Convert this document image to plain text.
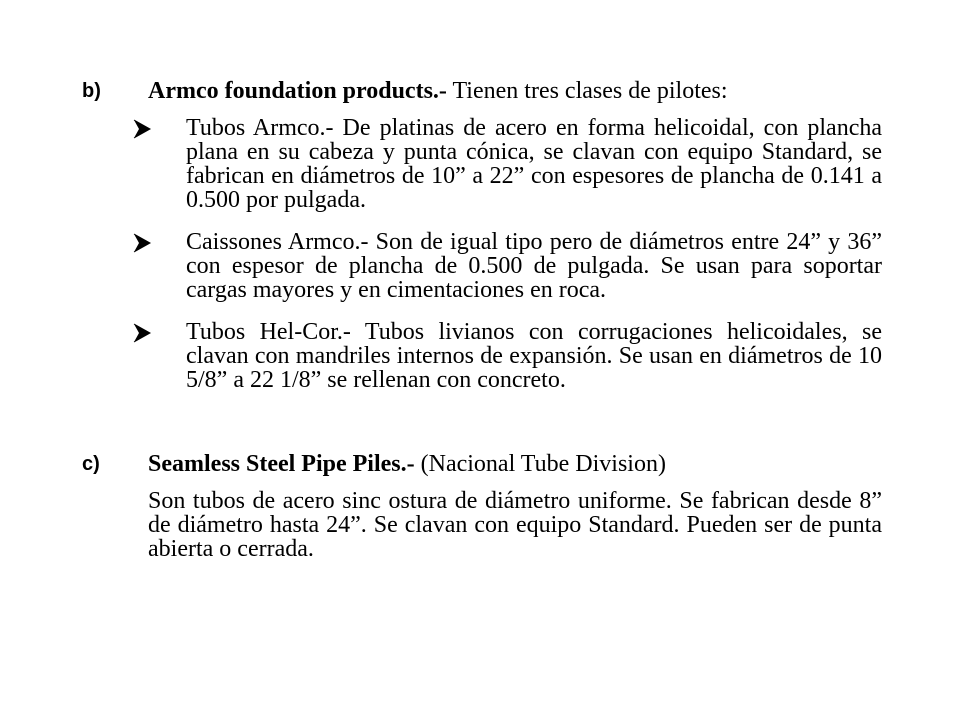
b)	Armco foundation products.- Tienen tres clases de pilotes:
Tubos Armco.- De platinas de acero en forma helicoidal, con plancha plana en su cabeza y punta cónica, se clavan con equipo Standard, se fabrican en diámetros de 10” a 22” con espesores de plancha de 0.141 a 0.500 por pulgada.
Caissones Armco.- Son de igual tipo pero de diámetros entre 24” y 36” con espesor de plancha de 0.500 de pulgada. Se usan para soportar cargas mayores y en cimentaciones en roca.
Tubos Hel-Cor.- Tubos livianos con corrugaciones helicoidales, se clavan con mandriles internos de expansión. Se usan en diámetros de 10 5/8” a 22 1/8” se rellenan con concreto.
c)	Seamless Steel Pipe Piles.- (Nacional Tube Division)
Son tubos de acero sinc ostura de diámetro uniforme. Se fabrican desde 8” de diámetro hasta 24”. Se clavan con equipo Standard. Pueden ser de punta abierta o cerrada.
